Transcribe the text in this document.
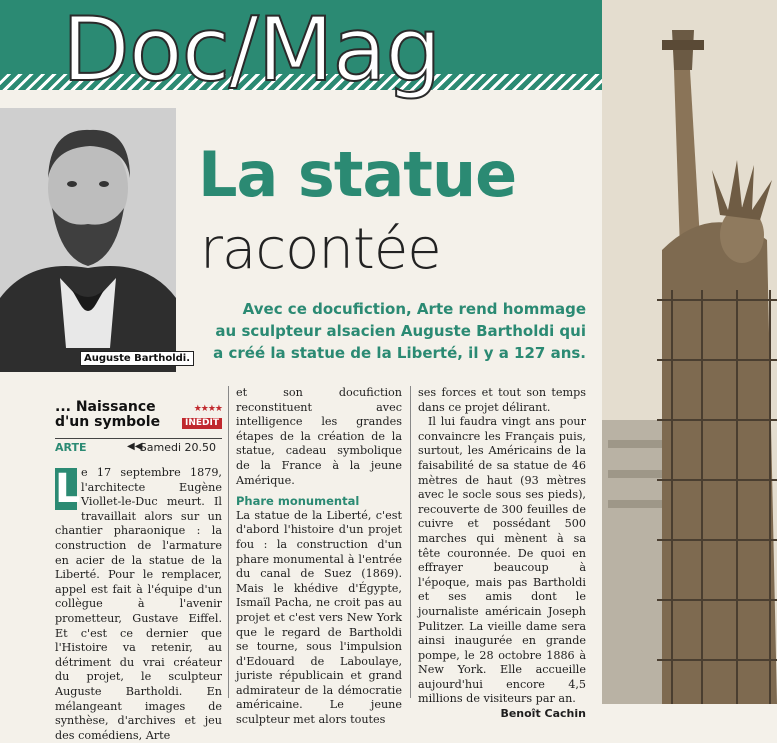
Doc/Mag
Auguste Bartholdi.
La statue
racontée
Avec ce docufiction, Arte rend hommage
au sculpteur alsacien Auguste Bartholdi qui
a créé la statue de la Liberté, il y a 127 ans.
... Naissance
d'un symbole
★★★★
INÉDIT
ARTE	◀◀
Samedi 20.50
L e 17 septembre 1879, l'architecte Eugène Viollet-le-Duc meurt. Il travaillait alors sur un chantier pharaonique : la construction de l'armature en acier de la statue de la Liberté. Pour le remplacer, appel est fait à l'équipe d'un collègue à l'avenir prometteur, Gustave Eiffel. Et c'est ce dernier que l'Histoire va retenir, au détriment du vrai créateur du projet, le sculpteur Auguste Bartholdi. En mélangeant images de synthèse, d'archives et jeu des comédiens, Arte
et son docufiction reconstituent avec intelligence les grandes étapes de la création de la statue, cadeau symbolique de la France à la jeune Amérique.
Phare monumental
La statue de la Liberté, c'est d'abord l'histoire d'un projet fou : la construction d'un phare monumental à l'entrée du canal de Suez (1869). Mais le khédive d'Égypte, Ismaïl Pacha, ne croit pas au projet et c'est vers New York que le regard de Bartholdi se tourne, sous l'impulsion d'Edouard de Laboulaye, juriste républicain et grand admirateur de la démocratie américaine. Le jeune sculpteur met alors toutes
ses forces et tout son temps dans ce projet délirant.
Il lui faudra vingt ans pour convaincre les Français puis, surtout, les Américains de la faisabilité de sa statue de 46 mètres de haut (93 mètres avec le socle sous ses pieds), recouverte de 300 feuilles de cuivre et possédant 500 marches qui mènent à sa tête couronnée. De quoi en effrayer beaucoup à l'époque, mais pas Bartholdi et ses amis dont le journaliste américain Joseph Pulitzer. La vieille dame sera ainsi inaugurée en grande pompe, le 28 octobre 1886 à New York. Elle accueille aujourd'hui encore 4,5 millions de visiteurs par an.
Benoît Cachin
